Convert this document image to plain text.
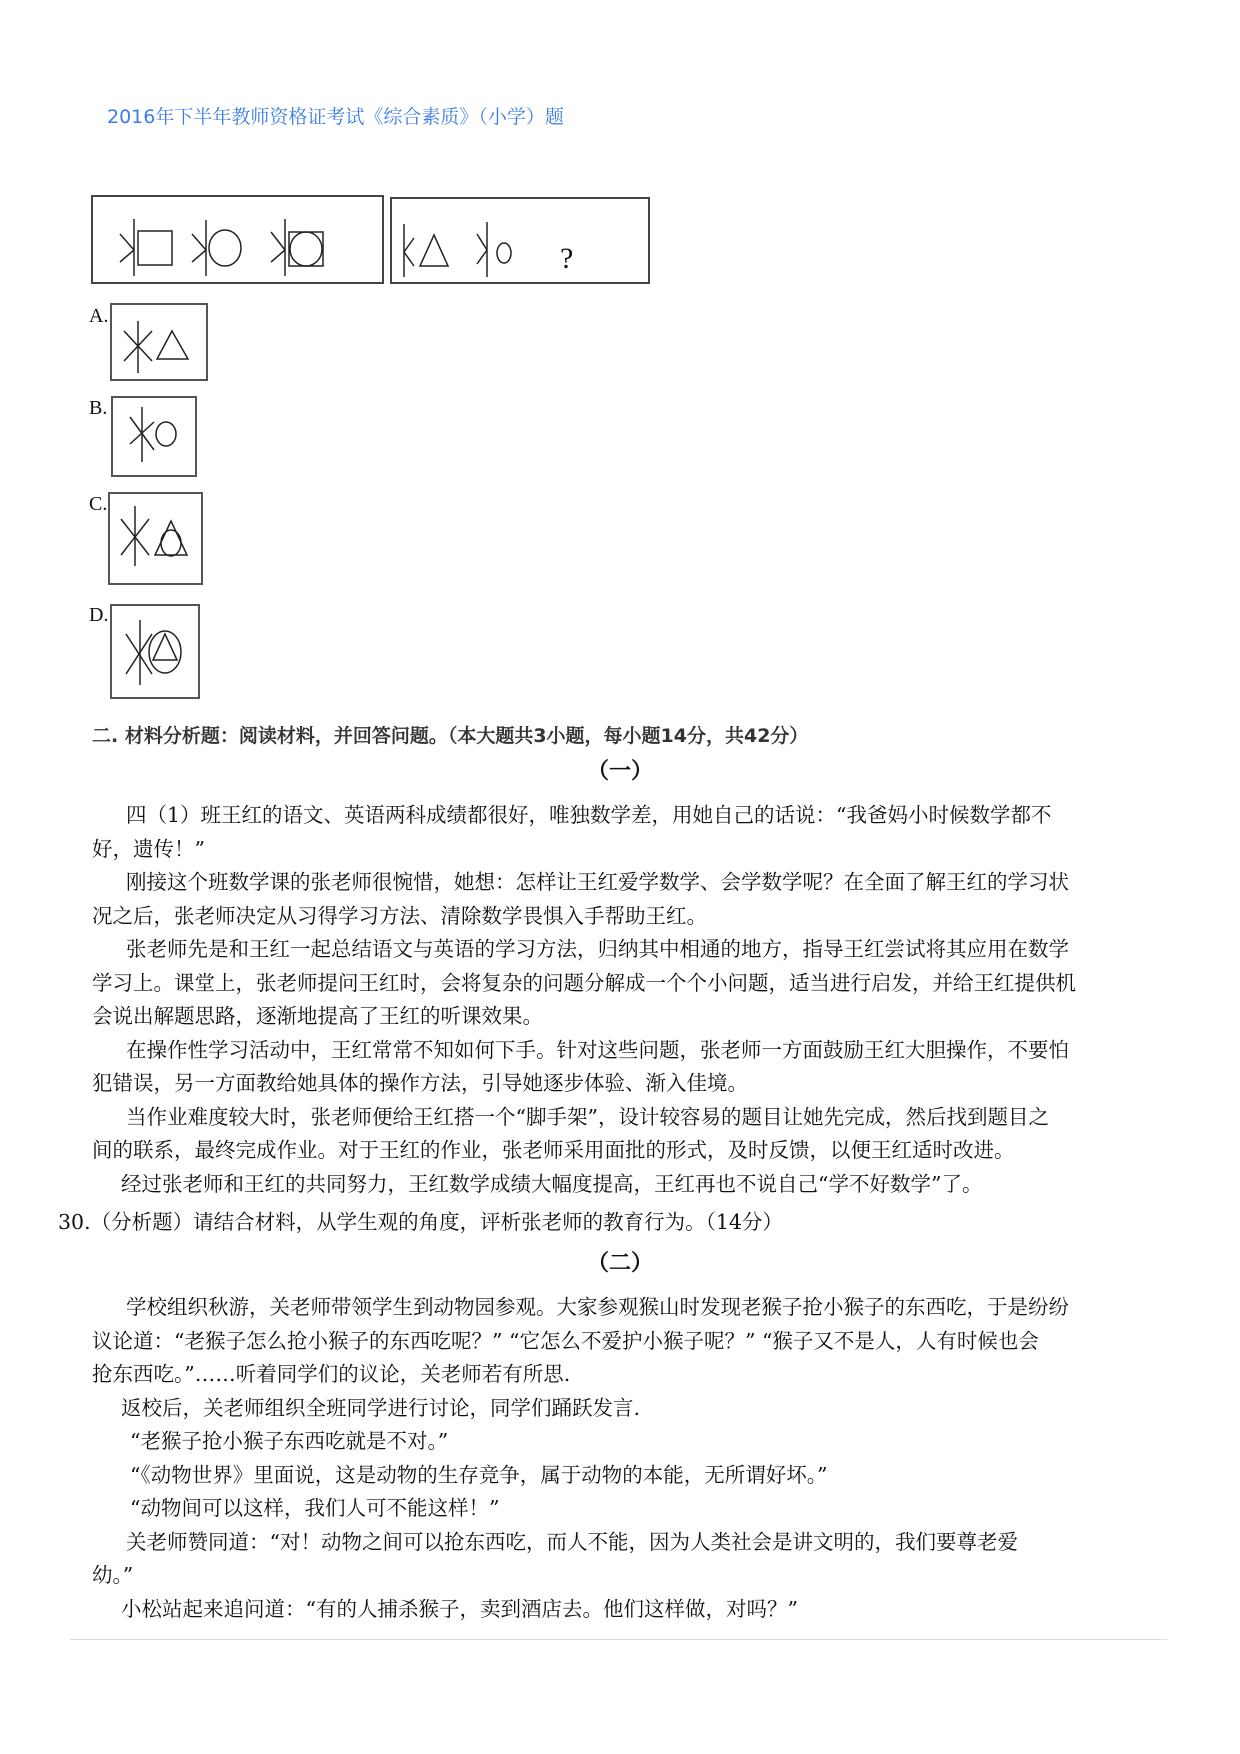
2016年下半年教师资格证考试《综合素质》（小学）题
?
A.
B.
C.
D.
二. 材料分析题：阅读材料，并回答问题。（本大题共3小题，每小题14分，共42分）
（一）
四（1）班王红的语文、英语两科成绩都很好，唯独数学差，用她自己的话说：“我爸妈小时候数学都不
好，遗传！”
刚接这个班数学课的张老师很惋惜，她想：怎样让王红爱学数学、会学数学呢？在全面了解王红的学习状
况之后，张老师决定从习得学习方法、清除数学畏惧入手帮助王红。
张老师先是和王红一起总结语文与英语的学习方法，归纳其中相通的地方，指导王红尝试将其应用在数学
学习上。课堂上，张老师提问王红时，会将复杂的问题分解成一个个小问题，适当进行启发，并给王红提供机
会说出解题思路，逐渐地提高了王红的听课效果。
在操作性学习活动中，王红常常不知如何下手。针对这些问题，张老师一方面鼓励王红大胆操作，不要怕
犯错误，另一方面教给她具体的操作方法，引导她逐步体验、渐入佳境。
当作业难度较大时，张老师便给王红搭一个“脚手架”，设计较容易的题目让她先完成，然后找到题目之
间的联系，最终完成作业。对于王红的作业，张老师采用面批的形式，及时反馈，以便王红适时改进。
经过张老师和王红的共同努力，王红数学成绩大幅度提高，王红再也不说自己“学不好数学”了。
30.（分析题）请结合材料，从学生观的角度，评析张老师的教育行为。（14分）
（二）
学校组织秋游，关老师带领学生到动物园参观。大家参观猴山时发现老猴子抢小猴子的东西吃，于是纷纷
议论道：“老猴子怎么抢小猴子的东西吃呢？” “它怎么不爱护小猴子呢？” “猴子又不是人，人有时候也会
抢东西吃。”……听着同学们的议论，关老师若有所思.
返校后，关老师组织全班同学进行讨论，同学们踊跃发言.
“老猴子抢小猴子东西吃就是不对。”
“《动物世界》里面说，这是动物的生存竞争，属于动物的本能，无所谓好坏。”
“动物间可以这样，我们人可不能这样！”
关老师赞同道：“对！动物之间可以抢东西吃，而人不能，因为人类社会是讲文明的，我们要尊老爱
幼。”
小松站起来追问道：“有的人捕杀猴子，卖到酒店去。他们这样做，对吗？”
